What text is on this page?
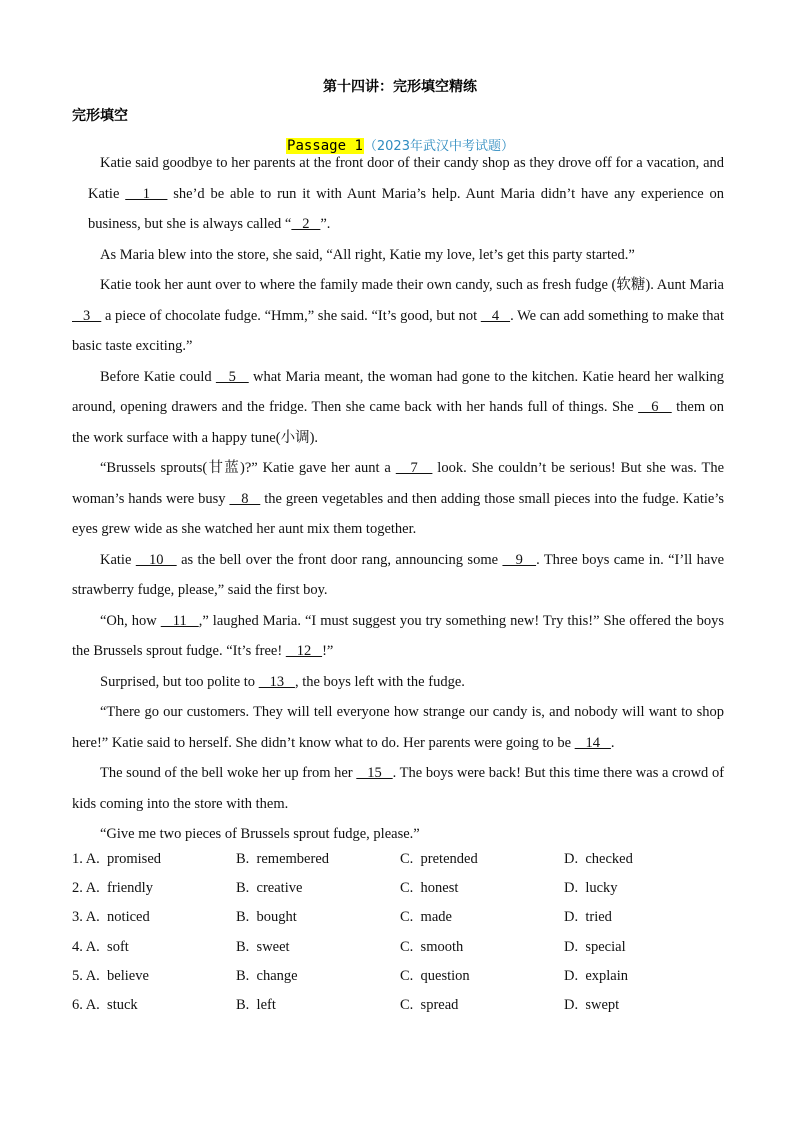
第十四讲：完形填空精练
完形填空
Passage 1（2023年武汉中考试题）

Katie said goodbye to her parents at the front door of their candy shop as they drove off for a vacation, and Katie    1    she’d be able to run it with Aunt Maria’s help. Aunt Maria didn’t have any experience on business, but she is always called “   2   ”.

As Maria blew into the store, she said, “All right, Katie my love, let’s get this party started.”

Katie took her aunt over to where the family made their own candy, such as fresh fudge (软糖). Aunt Maria    3    a piece of chocolate fudge. “Hmm,” she said. “It’s good, but not    4   . We can add something to make that basic taste exciting.”

Before Katie could    5    what Maria meant, the woman had gone to the kitchen. Katie heard her walking around, opening drawers and the fridge. Then she came back with her hands full of things. She    6    them on the work surface with a happy tune(小调).

“Brussels sprouts(甘蓝)?” Katie gave her aunt a    7    look. She couldn’t be serious! But she was. The woman’s hands were busy    8    the green vegetables and then adding those small pieces into the fudge. Katie’s eyes grew wide as she watched her aunt mix them together.

Katie    10    as the bell over the front door rang, announcing some    9   . Three boys came in. “I’ll have strawberry fudge, please,” said the first boy.

“Oh, how    11   ,” laughed Maria. “I must suggest you try something new! Try this!” She offered the boys the Brussels sprout fudge. “It’s free!    12   !”

Surprised, but too polite to    13   , the boys left with the fudge.

“There go our customers. They will tell everyone how strange our candy is, and nobody will want to shop here!” Katie said to herself. She didn’t know what to do. Her parents were going to be    14   .

The sound of the bell woke her up from her    15   . The boys were back! But this time there was a crowd of kids coming into the store with them.

“Give me two pieces of Brussels sprout fudge, please.”

1. A.  promised	B.  remembered	C.  pretended	D.  checked
2. A.  friendly	B.  creative	C.  honest	D.  lucky
3. A.  noticed	B.  bought	C.  made	D.  tried
4. A.  soft	B.  sweet	C.  smooth	D.  special
5. A.  believe	B.  change	C.  question	D.  explain
6. A.  stuck	B.  left	C.  spread	D.  swept
